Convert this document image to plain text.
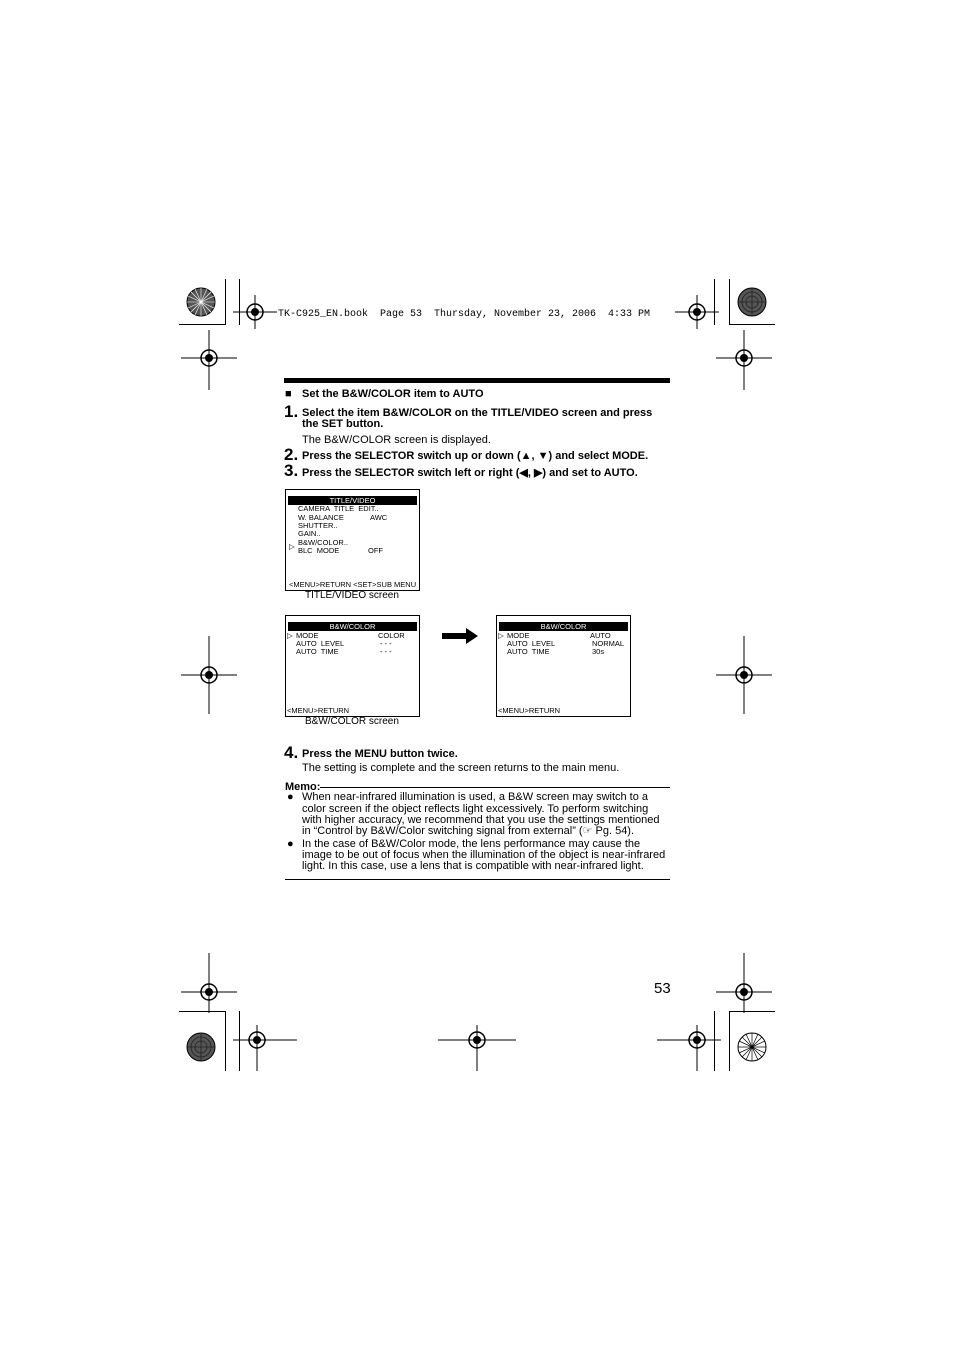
TK-C925_EN.book  Page 53  Thursday, November 23, 2006  4:33 PM
■ Set the B&W/COLOR item to AUTO
1. Select the item B&W/COLOR on the TITLE/VIDEO screen and press
the SET button.
The B&W/COLOR screen is displayed.
2. Press the SELECTOR switch up or down (▲, ▼) and select MODE.
3. Press the SELECTOR switch left or right (◀, ▶) and set to AUTO.
TITLE/VIDEO
▷
CAMERA  TITLE  EDIT..
W. BALANCE	AWC
SHUTTER..
GAIN..
B&W/COLOR..
BLC  MODE	OFF
<MENU>RETURN <SET>SUB MENU
TITLE/VIDEO screen
B&W/COLOR
▷ MODE	COLOR
AUTO  LEVEL	- - -
AUTO  TIME	- - -
<MENU>RETURN
B&W/COLOR screen
B&W/COLOR
▷ MODE	AUTO
AUTO  LEVEL	NORMAL
AUTO  TIME	30s
<MENU>RETURN
4. Press the MENU button twice.
The setting is complete and the screen returns to the main menu.
Memo:
● When near-infrared illumination is used, a B&W screen may switch to a
color screen if the object reflects light excessively. To perform switching
with higher accuracy, we recommend that you use the settings mentioned
in “Control by B&W/Color switching signal from external” (☞ Pg. 54).
● In the case of B&W/Color mode, the lens performance may cause the
image to be out of focus when the illumination of the object is near-infrared
light. In this case, use a lens that is compatible with near-infrared light.
53
